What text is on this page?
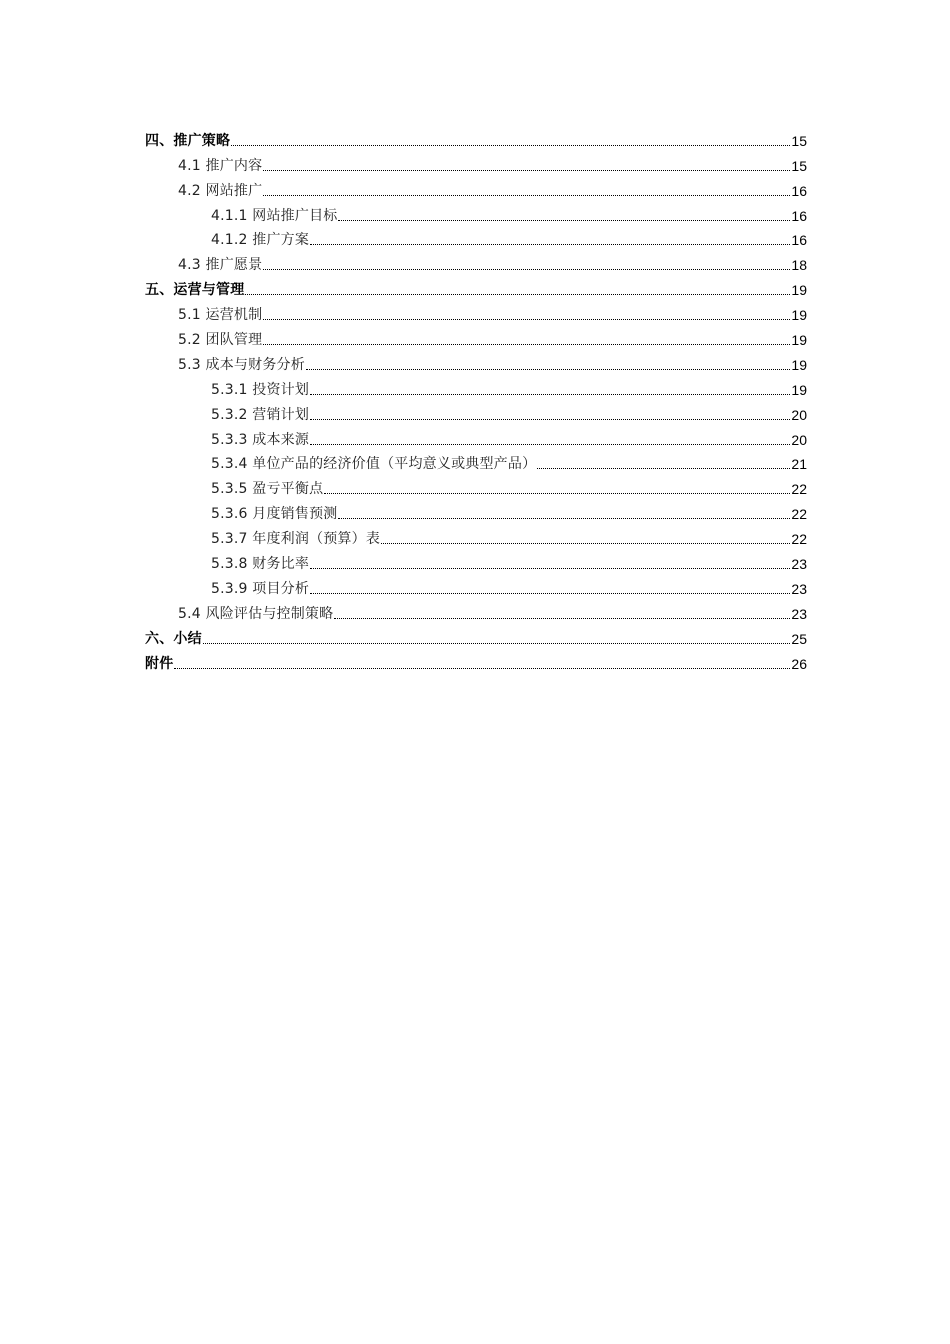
四、推广策略	15
4.1 推广内容	15
4.2 网站推广	16
4.1.1 网站推广目标	16
4.1.2 推广方案	16
4.3 推广愿景	18
五、运营与管理	19
5.1 运营机制	19
5.2 团队管理	19
5.3 成本与财务分析	19
5.3.1 投资计划	19
5.3.2 营销计划	20
5.3.3 成本来源	20
5.3.4 单位产品的经济价值（平均意义或典型产品）	21
5.3.5 盈亏平衡点	22
5.3.6 月度销售预测	22
5.3.7 年度利润（预算）表	22
5.3.8 财务比率	23
5.3.9 项目分析	23
5.4 风险评估与控制策略	23
六、小结	25
附件	26
